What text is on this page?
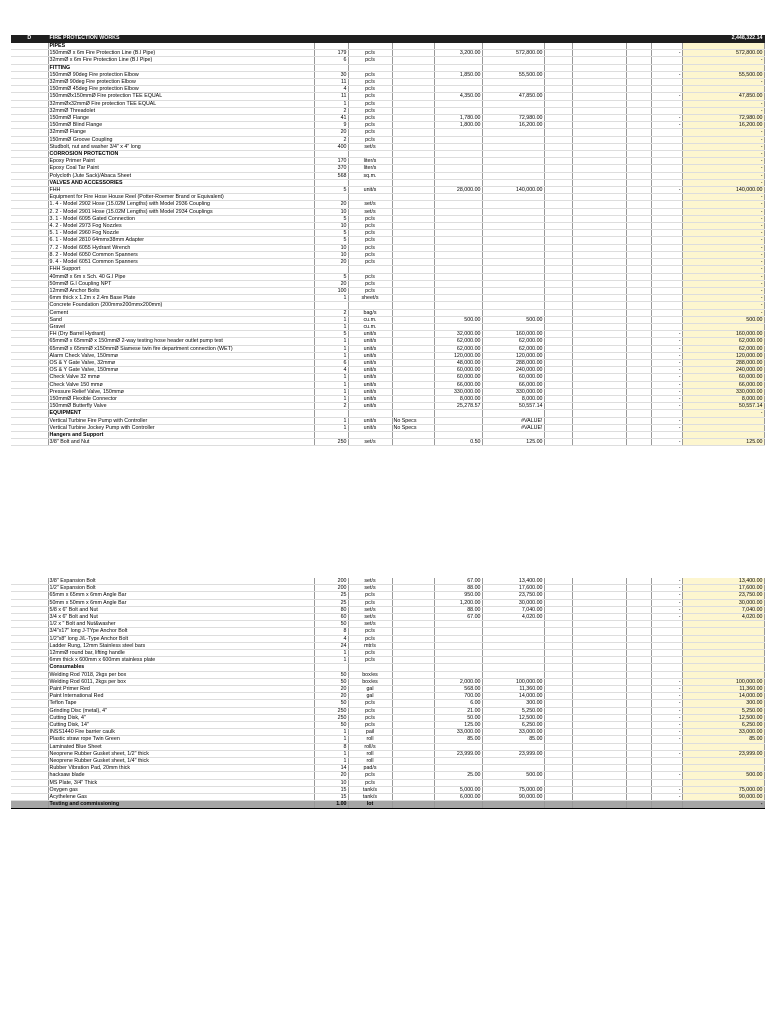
D	FIRE PROTECTION WORKS										2,448,322.14
	PIPES										
	150mmØ x 6m Fire Protection Line (B.I Pipe)	179	pc/s		3,200.00	572,800.00				-	572,800.00
	32mmØ x 6m Fire Protection Line (B.I Pipe)	6	pc/s								-
	FITTING										
	150mmØ 90deg Fire protection Elbow	30	pc/s		1,850.00	55,500.00				-	55,500.00
	32mmØ 90deg Fire protection Elbow	11	pc/s								-
	150mmØ 45deg Fire protection Elbow	4	pc/s								
	150mmØx150mmØ Fire protection TEE EQUAL	11	pc/s		4,350.00	47,850.00				-	47,850.00
	32mmØx32mmØ Fire protection TEE EQUAL	1	pc/s								-
	32mmØ Threadolet	2	pc/s								-
	150mmØ Flange	41	pc/s		1,780.00	72,980.00				-	72,980.00
	150mmØ Blind Flange	9	pc/s		1,800.00	16,200.00				-	16,200.00
	32mmØ Flange	20	pc/s								-
	150mmØ Groove Coupling	2	pc/s								-
	Studbolt, nut and washer 3/4" x 4" long	400	set/s								-
	CORROSION PROTECTION										-
	Epoxy Primer Paint	170	liter/s								-
	Epoxy Coal Tar Paint	370	liter/s								-
	Polycloth (Jute Sack)/Abaca Sheet	568	sq.m.								-
	VALVES AND ACCESSORIES										-
	FHH	5	unit/s		28,000.00	140,000.00				-	140,000.00
	Equipment for Fire Hose House Reel (Potter-Roemer Brand or Equivalent)										-
	1. 4 - Model 2902 Hose (15.02M Lengths) with Model 2936 Coupling	20	set/s								-
	2. 2 - Model 2901 Hose (15.02M Lengths) with Model 2934 Couplings	10	set/s								-
	3. 1 - Model 6095 Gated Connection	5	pc/s								-
	4. 2 - Model 2973 Fog Nozzles	10	pc/s								-
	5. 1 - Model 2960 Fog Nozzle	5	pc/s								-
	6. 1 - Model 2810 64mmx38mm Adapter	5	pc/s								-
	7. 2 - Model 6055 Hydrant Wrench	10	pc/s								-
	8. 2 - Model 6050 Common Spanners	10	pc/s								-
	9. 4 - Model 6051 Common Spanners	20	pc/s								-
	FHH Support										-
	40mmØ x 6m x Sch. 40 G.I Pipe	5	pc/s								-
	50mmØ G.I Coupling NPT	20	pc/s								-
	12mmØ Anchor Bolts	100	pc/s								-
	6mm thick x 1.2m x 2.4m Base Plate	1	sheet/s								-
	Concrete Foundation (200mmx200mmx200mm)										-
	Cement	2	bag/s								-
	Sand	1	cu.m.		500.00	500.00					500.00
	Gravel	1	cu.m.								
	FH (Dry Barrel Hydrant)	5	unit/s		32,000.00	160,000.00				-	160,000.00
	65mmØ x 65mmØ x 150mmØ 2-way testing hose header outlet pump test	1	unit/s		62,000.00	62,000.00				-	62,000.00
	65mmØ x 65mmØ x150mmØ Siamese twin fire department connection (WET)	1	unit/s		62,000.00	62,000.00				-	62,000.00
	Alarm Check Valve, 150mmø	1	unit/s		120,000.00	120,000.00				-	120,000.00
	OS & Y Gate Valve, 32mmø	6	unit/s		48,000.00	288,000.00				-	288,000.00
	OS & Y Gate Valve, 150mmø	4	unit/s		60,000.00	240,000.00				-	240,000.00
	Check Valve 32 mmø	1	unit/s		60,000.00	60,000.00				-	60,000.00
	Check Valve 150 mmø	1	unit/s		66,000.00	66,000.00				-	66,000.00
	Pressure Relief Valve, 150mmø	1	unit/s		330,000.00	330,000.00				-	330,000.00
	150mmØ Flexible Connector	1	unit/s		8,000.00	8,000.00				-	8,000.00
	150mmØ Butterfly Valve	2	unit/s		25,278.57	50,557.14				-	50,557.14
	EQUIPMENT										-
	Vertical Turbine Fire Pump with Controller	1	unit/s	No Specs		#VALUE!				-	
	Vertical Turbine Jockey Pump with Controller	1	unit/s	No Specs		#VALUE!				-	
	Hangers and Support										
	3/8" Bolt and Nut	250	set/s		0.50	125.00				-	125.00
	3/8" Expansion Bolt	200	set/s		67.00	13,400.00				-	13,400.00
	1/2" Expansion Bolt	200	set/s		88.00	17,600.00				-	17,600.00
	65mm x 65mm x 6mm Angle Bar	25	pc/s		950.00	23,750.00				-	23,750.00
	50mm x 50mm x 6mm Angle Bar	25	pc/s		1,200.00	30,000.00				-	30,000.00
	5/8 x 6" Bolt and Nut	80	set/s		88.00	7,040.00				-	7,040.00
	3/4 x 6" Bolt and Nut	60	set/s		67.00	4,020.00				-	4,020.00
	1/2 x " Bolt and Nut&washer	50	set/s								
	3/4"x17" long J-TYpe Anchor Bolt	8	pc/s								
	1/2"x8" long J/L-Type Anchor Bolt	4	pc/s								
	Ladder Rung, 12mm Stainless steel bars	24	mtr/s								
	12mmØ round bar, lifting handle	1	pc/s								
	6mm thick x 600mm x 600mm stainless plate	1	pc/s								
	Consumables										
	Welding Rod 7018, 2kgs per box	50	box/es								
	Welding Rod 6011, 2kgs per box	50	box/es		2,000.00	100,000.00				-	100,000.00
	Paint Primer Red	20	gal		568.00	11,360.00				-	11,360.00
	Paint International Red	20	gal		700.00	14,000.00				-	14,000.00
	Teflon Tape	50	pc/s		6.00	300.00				-	300.00
	Grinding Disc (metal), 4"	250	pc/s		21.00	5,250.00				-	5,250.00
	Cutting Disk, 4"	250	pc/s		50.00	12,500.00				-	12,500.00
	Cutting Disk, 14"	50	pc/s		125.00	6,250.00				-	6,250.00
	INSS1440 Fire barrier caulk	1	pail		33,000.00	33,000.00				-	33,000.00
	Plastic straw rope Twin Green	1	roll		85.00	85.00				-	85.00
	Laminated Blue Sheet	8	roll/s								
	Neoprene Rubber Gusket sheet, 1/2" thick	1	roll		23,999.00	23,999.00				-	23,999.00
	Neoprene Rubber Gusket sheet, 1/4" thick	1	roll								
	Rubber Vibration Pad, 20mm thick	14	pad/s								
	hacksaw blade	20	pc/s		25.00	500.00				-	500.00
	MS Plate, 3/4" Thick	10	pc/s								
	Oxygen gas	15	tank/s		5,000.00	75,000.00				-	75,000.00
	Acythelene Gas	15	tank/s		6,000.00	90,000.00				-	90,000.00
	Testing and commissioning	1.00	lot								-
